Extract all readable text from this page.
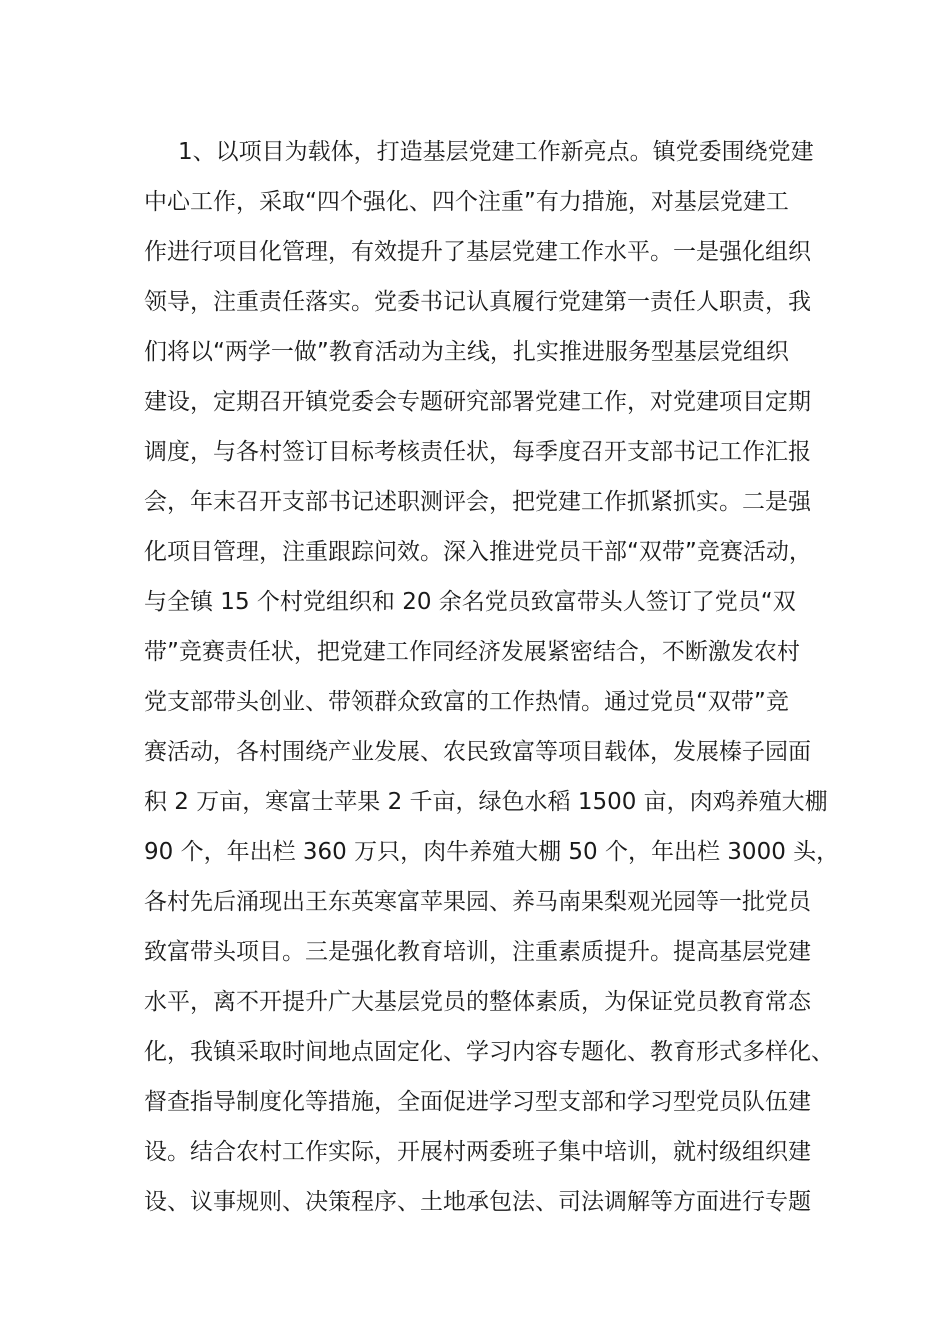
1、以项目为载体，打造基层党建工作新亮点。镇党委围绕党建
中心工作，采取“四个强化、四个注重”有力措施，对基层党建工
作进行项目化管理，有效提升了基层党建工作水平。一是强化组织
领导，注重责任落实。党委书记认真履行党建第一责任人职责，我
们将以“两学一做”教育活动为主线，扎实推进服务型基层党组织
建设，定期召开镇党委会专题研究部署党建工作，对党建项目定期
调度，与各村签订目标考核责任状，每季度召开支部书记工作汇报
会，年末召开支部书记述职测评会，把党建工作抓紧抓实。二是强
化项目管理，注重跟踪问效。深入推进党员干部“双带”竞赛活动，
与全镇 15 个村党组织和 20 余名党员致富带头人签订了党员“双
带”竞赛责任状，把党建工作同经济发展紧密结合，不断激发农村
党支部带头创业、带领群众致富的工作热情。通过党员“双带”竞
赛活动，各村围绕产业发展、农民致富等项目载体，发展榛子园面
积 2 万亩，寒富士苹果 2 千亩，绿色水稻 1500 亩，肉鸡养殖大棚
90 个，年出栏 360 万只，肉牛养殖大棚 50 个，年出栏 3000 头，
各村先后涌现出王东英寒富苹果园、养马南果梨观光园等一批党员
致富带头项目。三是强化教育培训，注重素质提升。提高基层党建
水平，离不开提升广大基层党员的整体素质，为保证党员教育常态
化，我镇采取时间地点固定化、学习内容专题化、教育形式多样化、
督查指导制度化等措施，全面促进学习型支部和学习型党员队伍建
设。结合农村工作实际，开展村两委班子集中培训，就村级组织建
设、议事规则、决策程序、土地承包法、司法调解等方面进行专题
